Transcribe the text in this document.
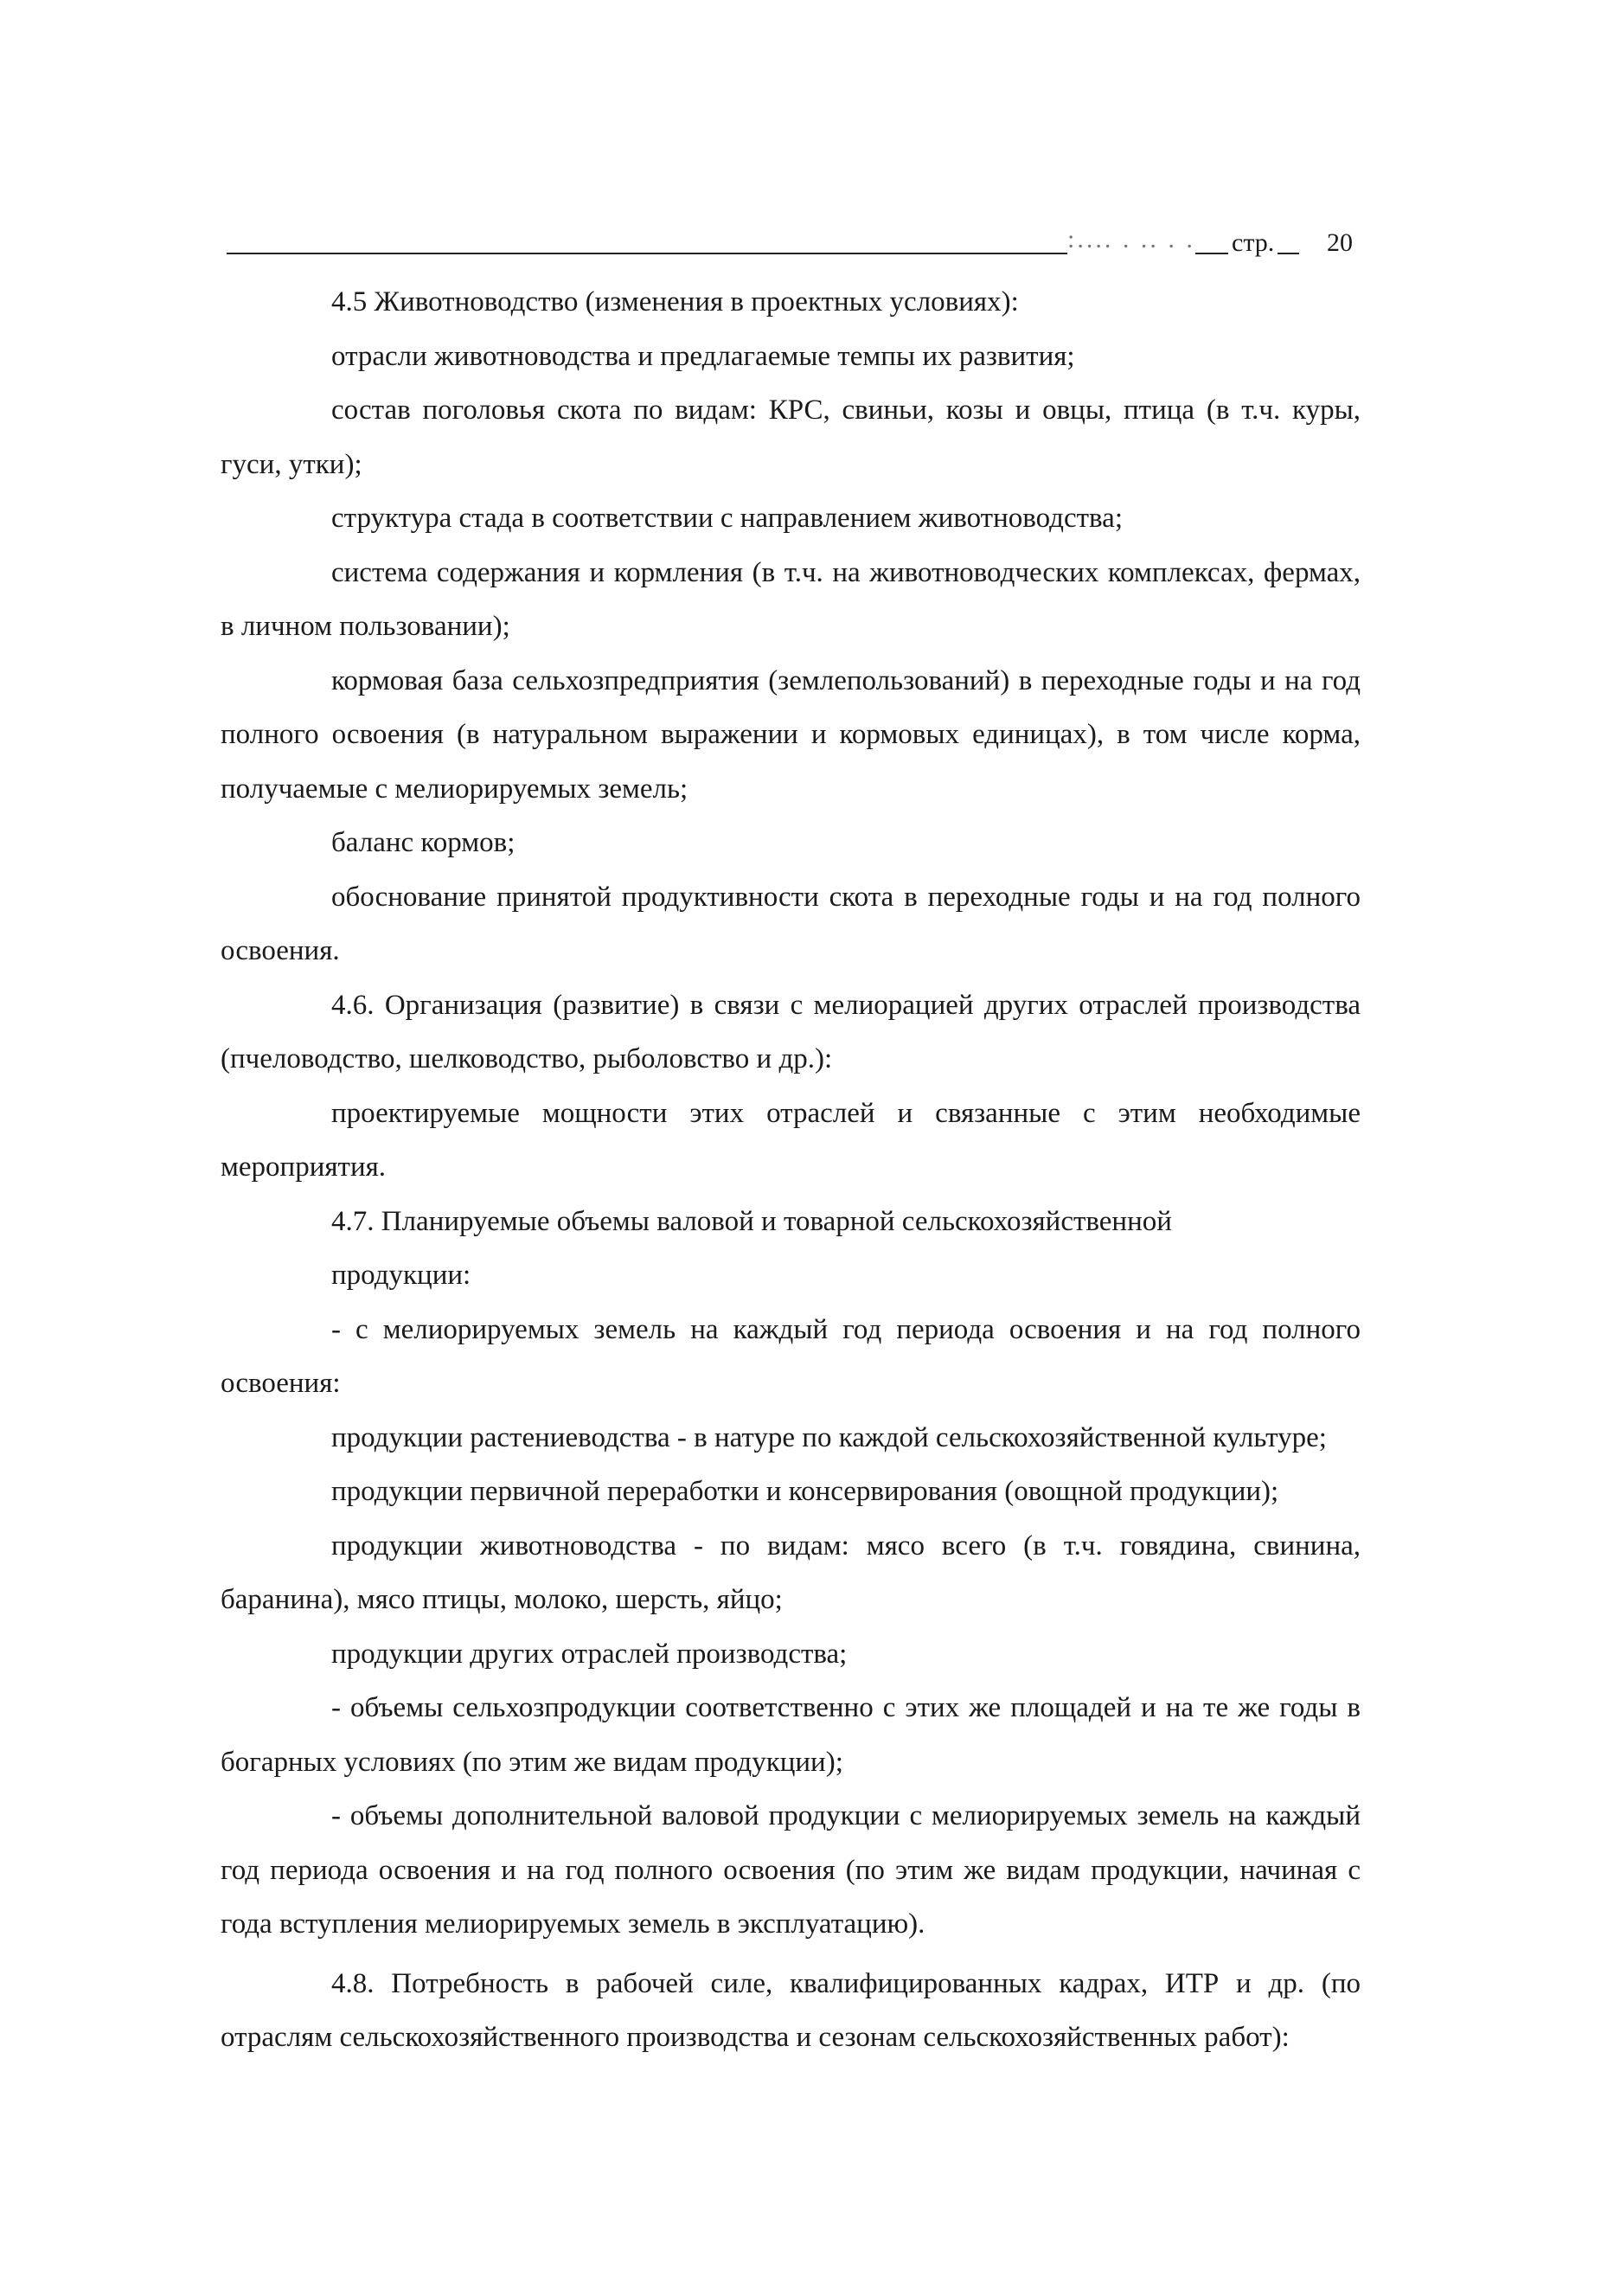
:.... . .. . . стр. 20

4.5 Животноводство (изменения в проектных условиях):

отрасли животноводства и предлагаемые темпы их развития;

состав поголовья скота по видам: КРС, свиньи, козы и овцы, птица (в т.ч. куры, гуси, утки);

структура стада в соответствии с направлением животноводства;

система содержания и кормления (в т.ч. на животноводческих комплексах, фермах, в личном пользовании);

кормовая база сельхозпредприятия (землепользований) в переходные годы и на год полного освоения (в натуральном выражении и кормовых единицах), в том числе корма, получаемые с мелиорируемых земель;

баланс кормов;

обоснование принятой продуктивности скота в переходные годы и на год полного освоения.

4.6. Организация (развитие) в связи с мелиорацией других отраслей производства (пчеловодство, шелководство, рыболовство и др.):

проектируемые мощности этих отраслей и связанные с этим необходимые мероприятия.

4.7. Планируемые объемы валовой и товарной сельскохозяйственной

продукции:

- с мелиорируемых земель на каждый год периода освоения и на год полного освоения:

продукции растениеводства - в натуре по каждой сельскохозяйственной культуре;

продукции первичной переработки и консервирования (овощной продукции);

продукции животноводства - по видам: мясо всего (в т.ч. говядина, свинина, баранина), мясо птицы, молоко, шерсть, яйцо;

продукции других отраслей производства;

- объемы сельхозпродукции соответственно с этих же площадей и на те же годы в богарных условиях (по этим же видам продукции);

- объемы дополнительной валовой продукции с мелиорируемых земель на каждый год периода освоения и на год полного освоения (по этим же видам продукции, начиная с года вступления мелиорируемых земель в эксплуатацию).

4.8. Потребность в рабочей силе, квалифицированных кадрах, ИТР и др. (по отраслям сельскохозяйственного производства и сезонам сельскохозяйственных работ):
